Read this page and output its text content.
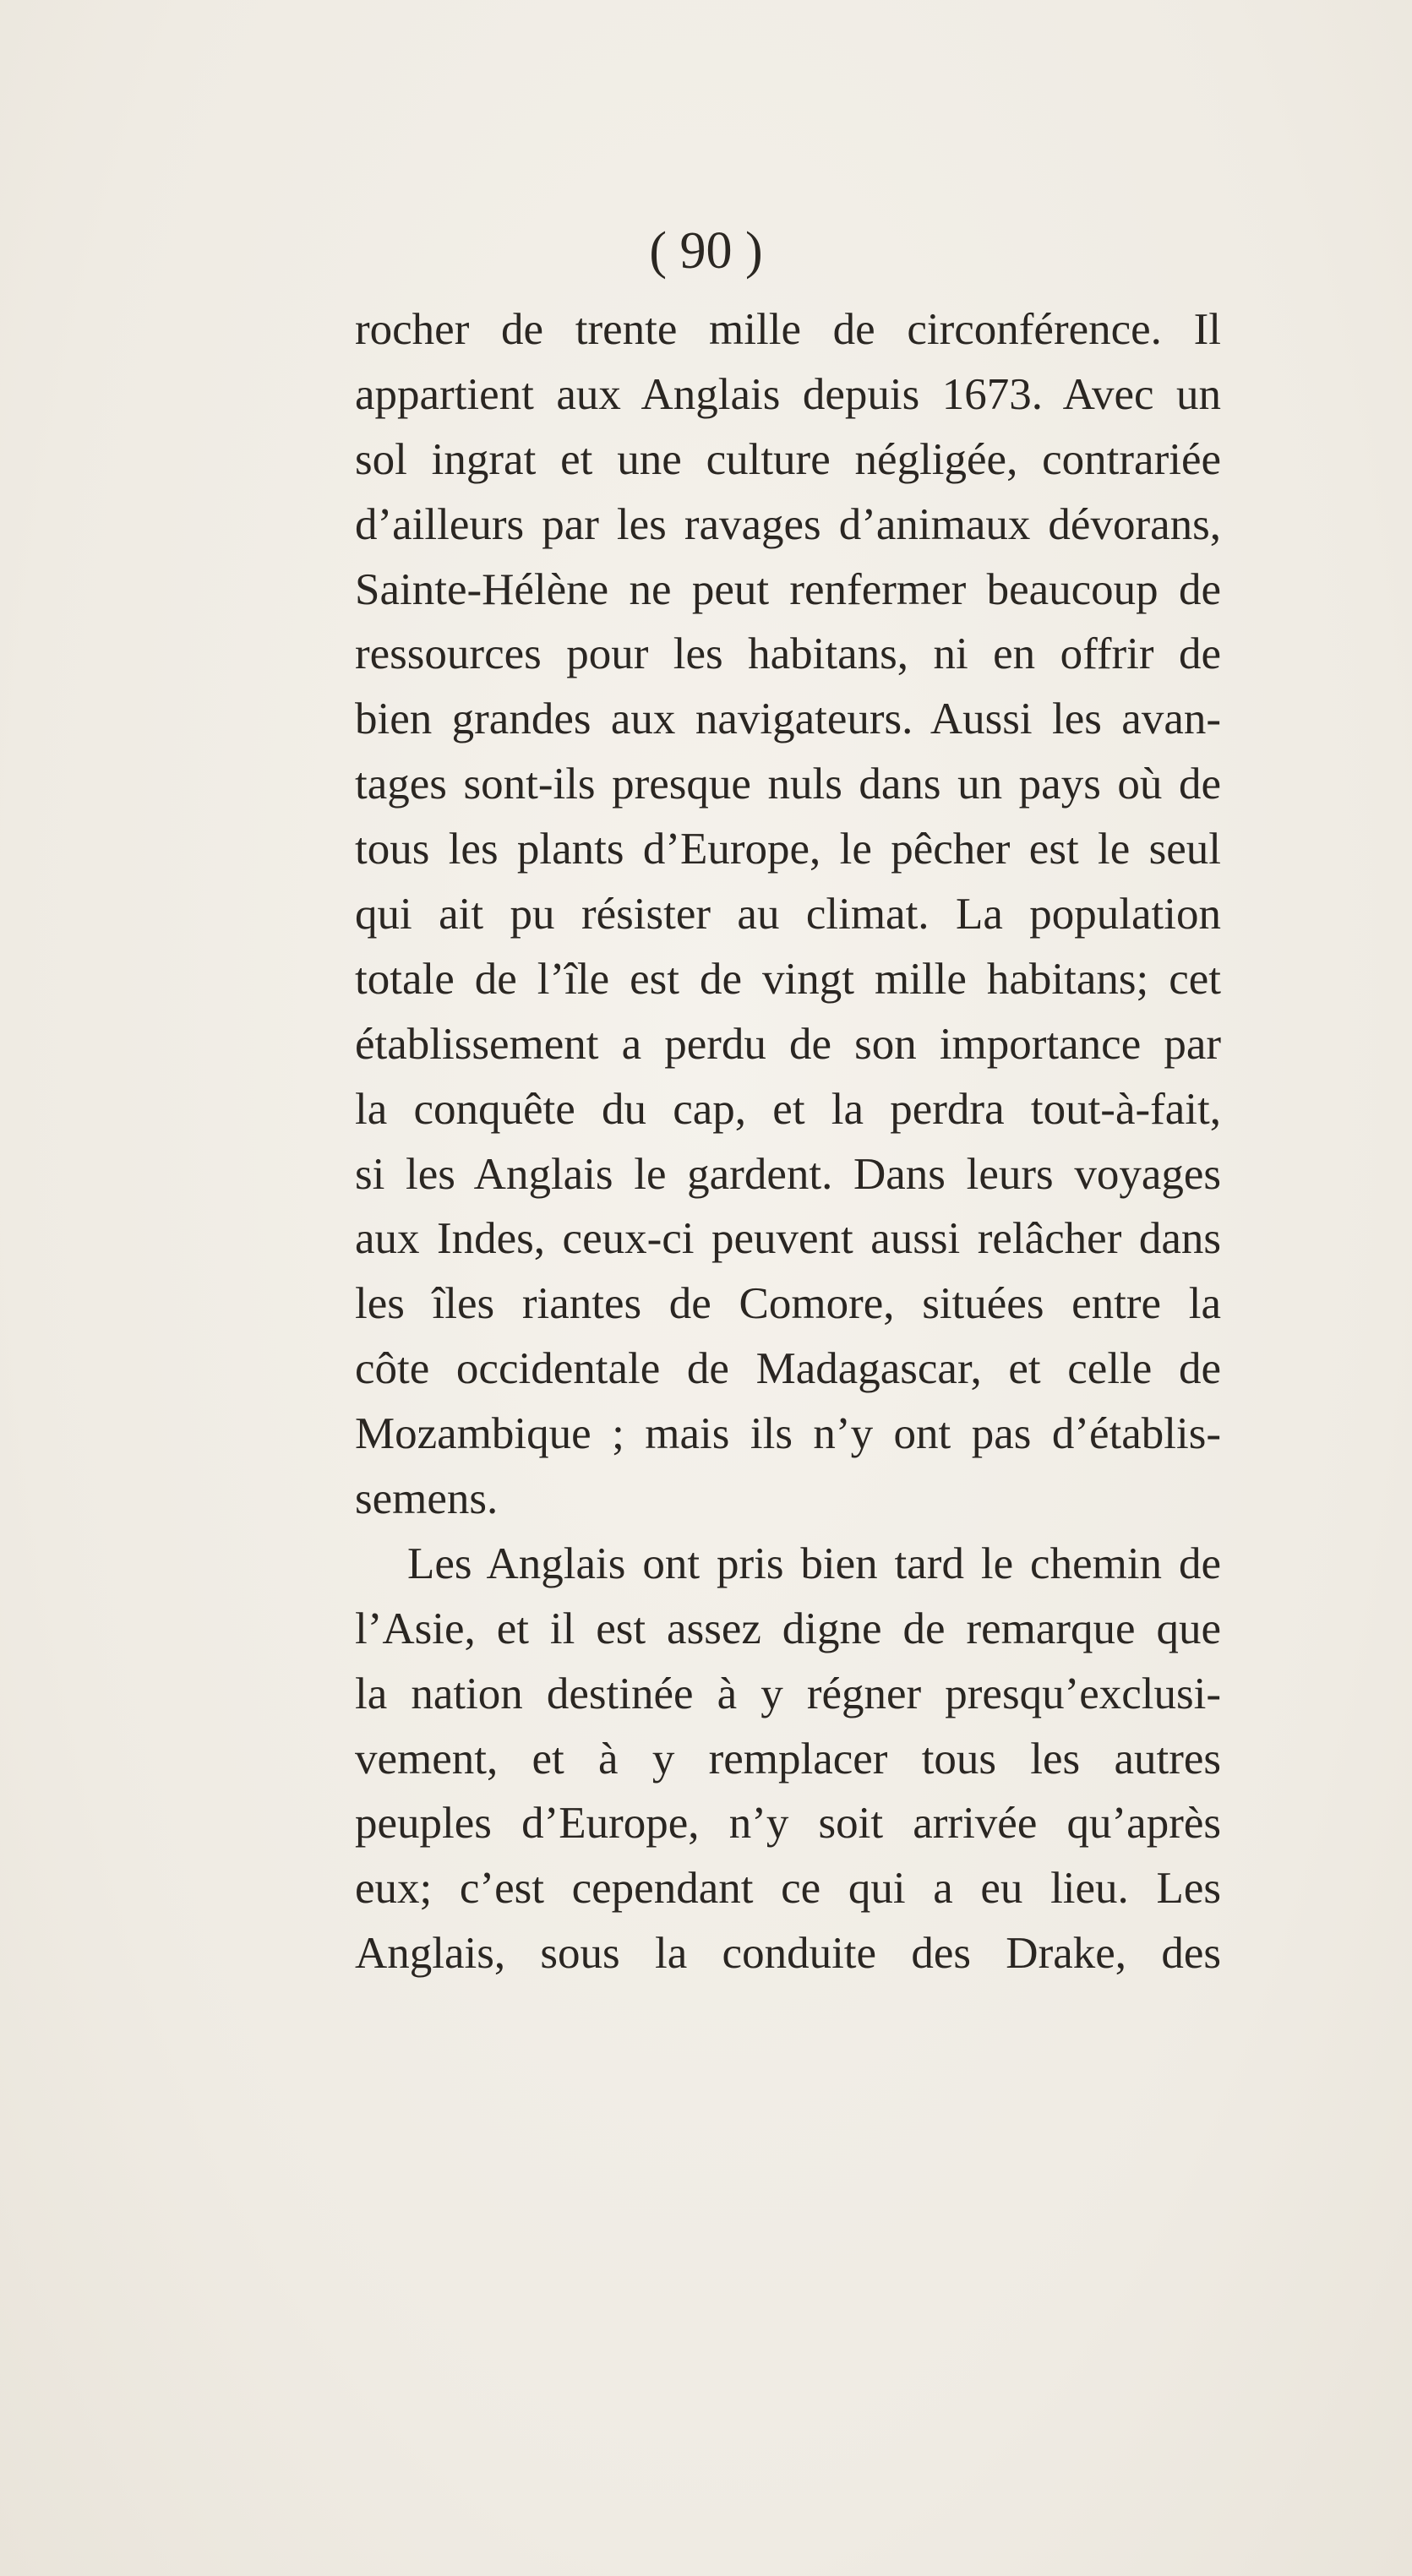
( 90 )
rocher de trente mille de circonférence. Il
appartient aux Anglais depuis 1673. Avec un
sol ingrat et une culture négligée, contrariée
d’ailleurs par les ravages d’animaux dévorans,
Sainte-Hélène ne peut renfermer beaucoup de
ressources pour les habitans, ni en offrir de
bien grandes aux navigateurs. Aussi les avan-
tages sont-ils presque nuls dans un pays où de
tous les plants d’Europe, le pêcher est le seul
qui ait pu résister au climat. La population
totale de l’île est de vingt mille habitans; cet
établissement a perdu de son importance par
la conquête du cap, et la perdra tout-à-fait,
si les Anglais le gardent. Dans leurs voyages
aux Indes, ceux-ci peuvent aussi relâcher dans
les îles riantes de Comore, situées entre la
côte occidentale de Madagascar, et celle de
Mozambique ; mais ils n’y ont pas d’établis-
semens.
Les Anglais ont pris bien tard le chemin de
l’Asie, et il est assez digne de remarque que
la nation destinée à y régner presqu’exclusi-
vement, et à y remplacer tous les autres
peuples d’Europe, n’y soit arrivée qu’après
eux; c’est cependant ce qui a eu lieu. Les
Anglais, sous la conduite des Drake, des
